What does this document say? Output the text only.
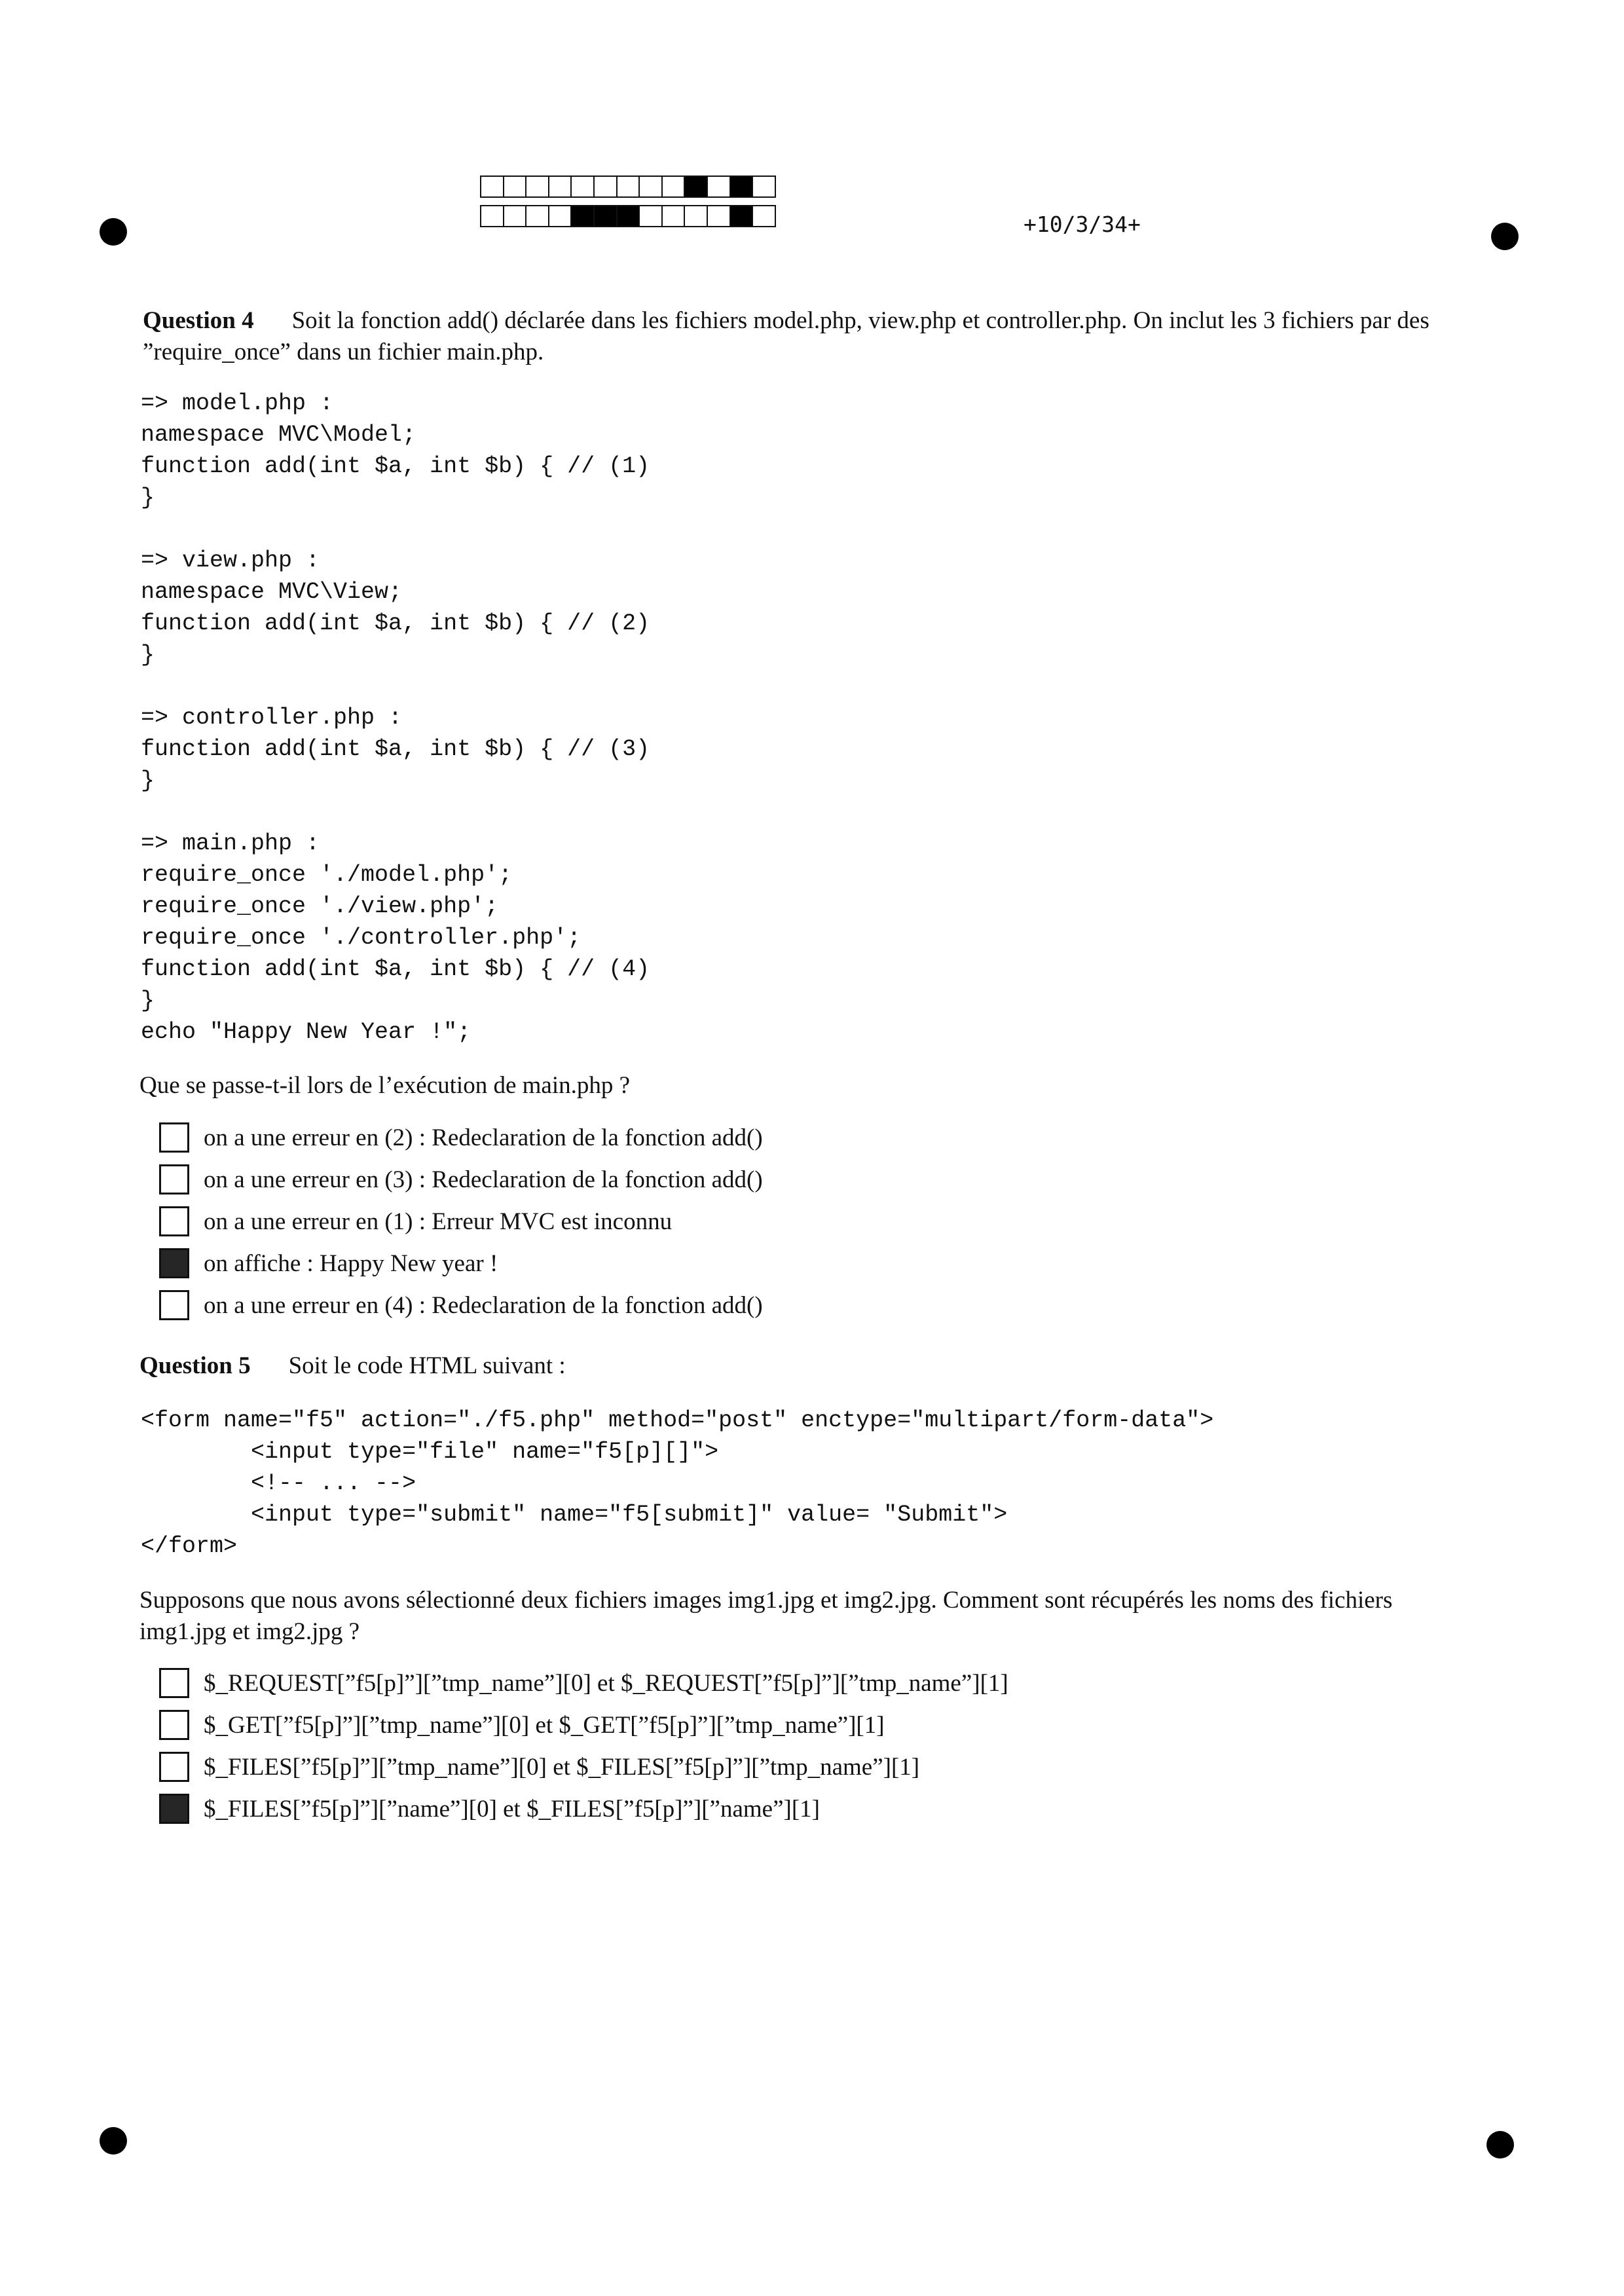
+10/3/34+
Question 4 Soit la fonction add() déclarée dans les fichiers model.php, view.php et controller.php. On inclut les 3 fichiers par des ”require_once” dans un fichier main.php.
=> model.php :
namespace MVC\Model;
function add(int $a, int $b) { // (1)
}

=> view.php :
namespace MVC\View;
function add(int $a, int $b) { // (2)
}

=> controller.php :
function add(int $a, int $b) { // (3)
}

=> main.php :
require_once './model.php';
require_once './view.php';
require_once './controller.php';
function add(int $a, int $b) { // (4)
}
echo "Happy New Year !";
Que se passe-t-il lors de l’exécution de main.php ?
on a une erreur en (2) : Redeclaration de la fonction add()
on a une erreur en (3) : Redeclaration de la fonction add()
on a une erreur en (1) : Erreur MVC est inconnu
on affiche : Happy New year !
on a une erreur en (4) : Redeclaration de la fonction add()
Question 5 Soit le code HTML suivant :
<form name="f5" action="./f5.php" method="post" enctype="multipart/form-data">
<input type="file" name="f5[p][]">
<!-- ... -->
<input type="submit" name="f5[submit]" value= "Submit">
</form>
Supposons que nous avons sélectionné deux fichiers images img1.jpg et img2.jpg. Comment sont récupérés les noms des fichiers img1.jpg et img2.jpg ?
$_REQUEST[”f5[p]”][”tmp_name”][0] et $_REQUEST[”f5[p]”][”tmp_name”][1]
$_GET[”f5[p]”][”tmp_name”][0] et $_GET[”f5[p]”][”tmp_name”][1]
$_FILES[”f5[p]”][”tmp_name”][0] et $_FILES[”f5[p]”][”tmp_name”][1]
$_FILES[”f5[p]”][”name”][0] et $_FILES[”f5[p]”][”name”][1]
